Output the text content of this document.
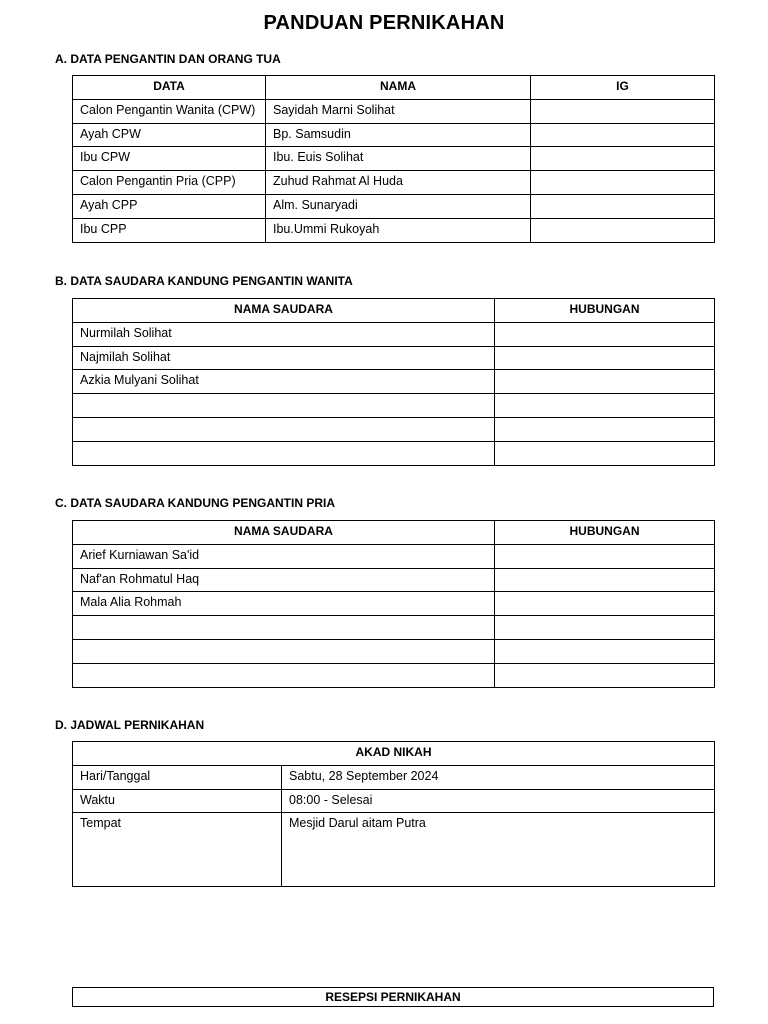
PANDUAN PERNIKAHAN
A. DATA PENGANTIN DAN ORANG TUA
DATA	NAMA	IG
Calon Pengantin Wanita (CPW)	Sayidah Marni Solihat	
Ayah CPW	Bp. Samsudin	
Ibu CPW	Ibu. Euis Solihat	
Calon Pengantin Pria (CPP)	Zuhud Rahmat Al Huda	
Ayah CPP	Alm. Sunaryadi	
Ibu CPP	Ibu.Ummi Rukoyah	
B. DATA SAUDARA KANDUNG PENGANTIN WANITA
NAMA SAUDARA	HUBUNGAN
Nurmilah Solihat	
Najmilah Solihat	
Azkia Mulyani Solihat	

C. DATA SAUDARA KANDUNG PENGANTIN PRIA
NAMA SAUDARA	HUBUNGAN
Arief Kurniawan Sa'id	
Naf'an Rohmatul Haq	
Mala Alia Rohmah	

D. JADWAL PERNIKAHAN
AKAD NIKAH	
Hari/Tanggal	Sabtu, 28 September 2024
Waktu	08:00 - Selesai
Tempat	Mesjid Darul aitam Putra
RESEPSI PERNIKAHAN
